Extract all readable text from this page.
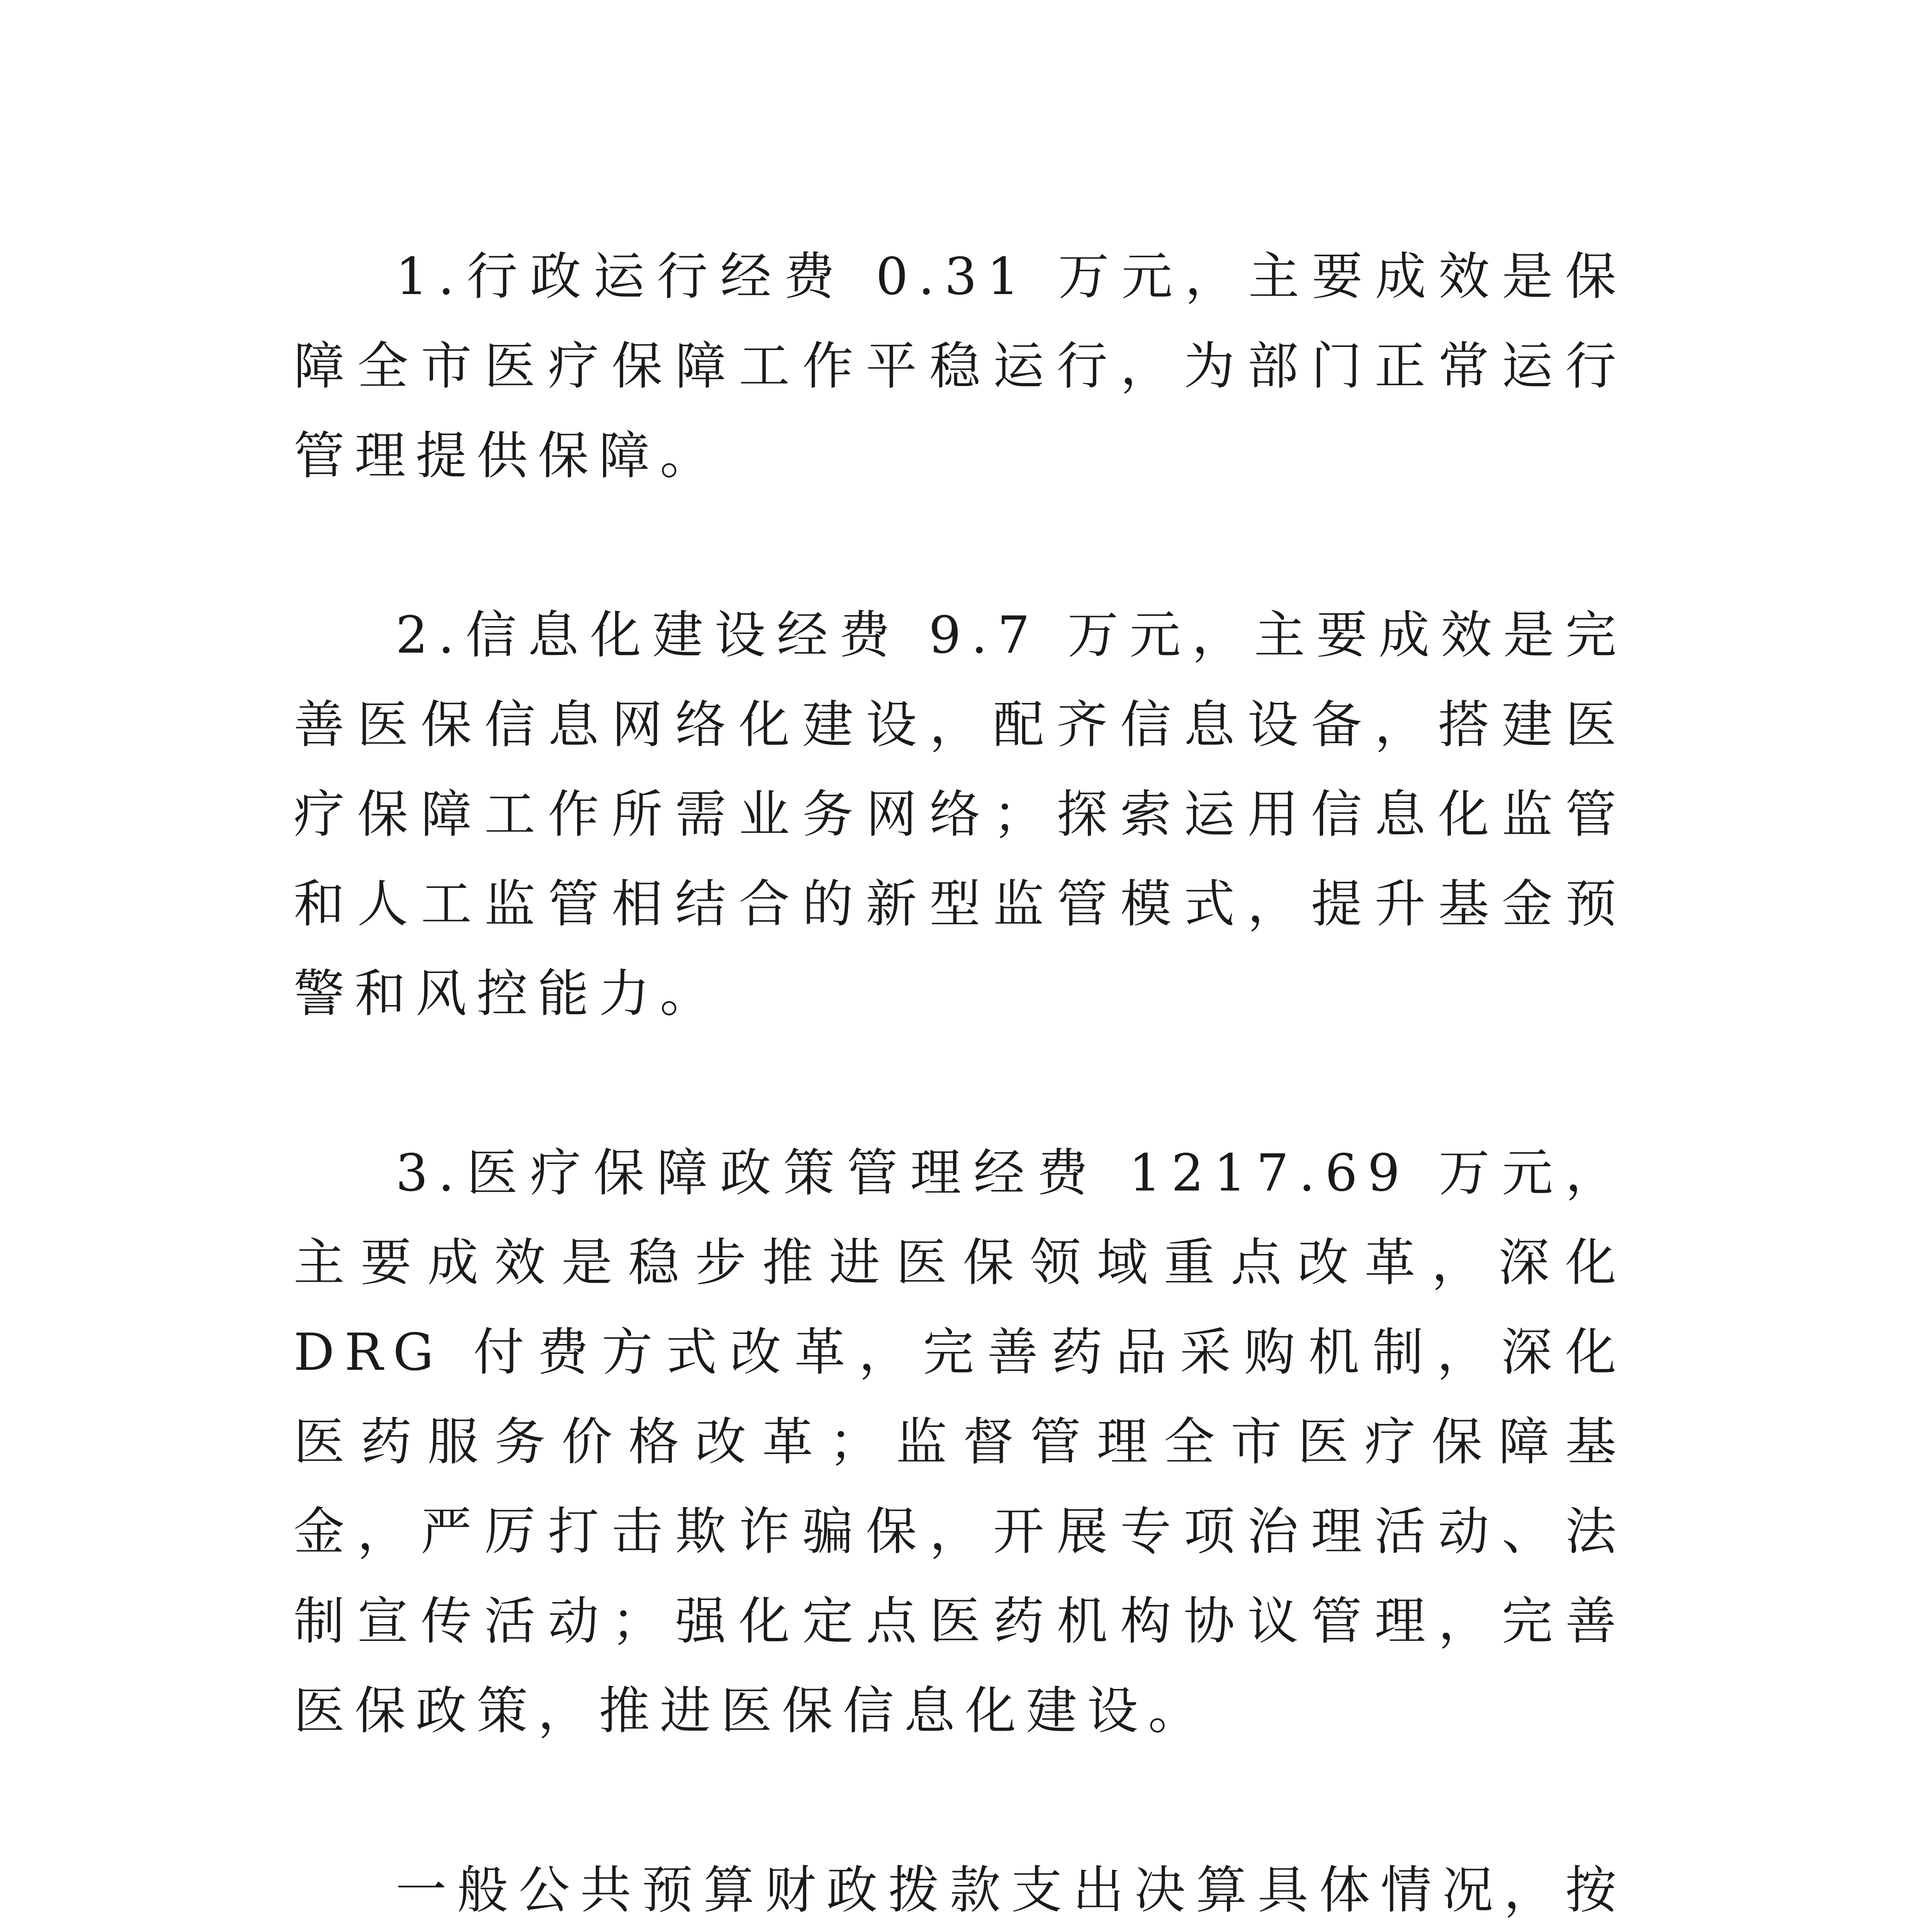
1.行政运行经费 0.31 万元，主要成效是保障全市医疗保障工作平稳运行，为部门正常运行管理提供保障。

2.信息化建设经费 9.7 万元，主要成效是完善医保信息网络化建设，配齐信息设备，搭建医疗保障工作所需业务网络；探索运用信息化监管和人工监管相结合的新型监管模式，提升基金预警和风控能力。

3.医疗保障政策管理经费 1217.69 万元，主要成效是稳步推进医保领域重点改革，深化 DRG 付费方式改革，完善药品采购机制，深化医药服务价格改革；监督管理全市医疗保障基金，严厉打击欺诈骗保，开展专项治理活动、法制宣传活动；强化定点医药机构协议管理，完善医保政策，推进医保信息化建设。

一般公共预算财政拨款支出决算具体情况，按
